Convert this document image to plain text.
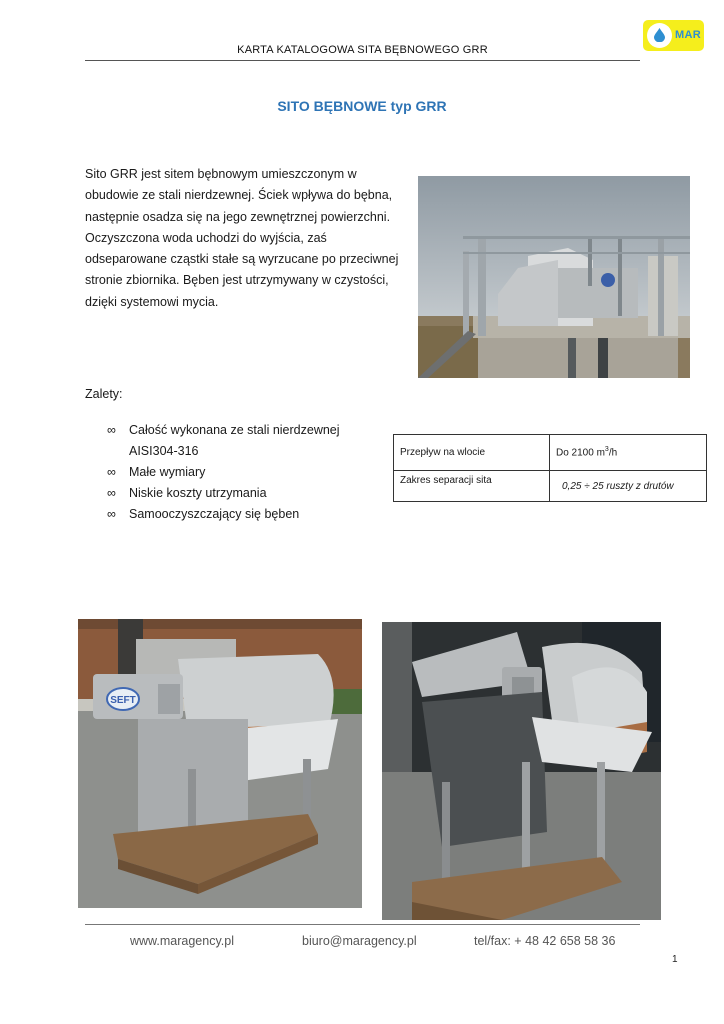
KARTA KATALOGOWA SITA BĘBNOWEGO GRR
MAR
SITO BĘBNOWE typ GRR
Sito GRR jest sitem bębnowym umieszczonym w obudowie ze stali nierdzewnej. Ściek wpływa do bębna, następnie osadza się na jego zewnętrznej powierzchni. Oczyszczona woda uchodzi do wyjścia, zaś odseparowane cząstki stałe są wyrzucane po przeciwnej stronie zbiornika. Bęben jest utrzymywany w czystości, dzięki systemowi mycia.
Zalety:
∞ Całość wykonana ze stali nierdzewnej AISI304-316
∞ Małe wymiary
∞ Niskie koszty utrzymania
∞ Samooczyszczający się bęben
Przepływ na wlocie	Do 2100 $m^3/h$
Zakres separacji sita	0,25 ÷ 25 ruszty z drutów
SEFT
www.maragency.pl	biuro@maragency.pl	tel/fax: + 48 42 658 58 36
1
